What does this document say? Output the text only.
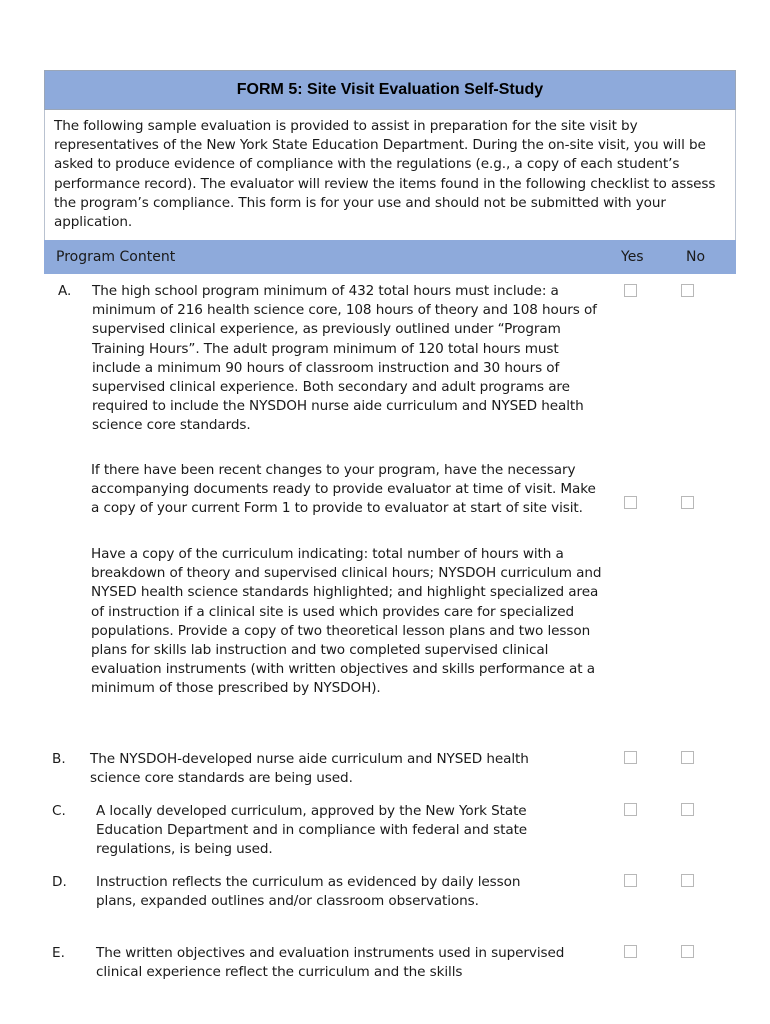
FORM 5: Site Visit Evaluation Self-Study
The following sample evaluation is provided to assist in preparation for the site visit by representatives of the New York State Education Department. During the on-site visit, you will be asked to produce evidence of compliance with the regulations (e.g., a copy of each student’s performance record). The evaluator will review the items found in the following checklist to assess the program’s compliance. This form is for your use and should not be submitted with your application.
Program Content	Yes	No
A. The high school program minimum of 432 total hours must include: a minimum of 216 health science core, 108 hours of theory and 108 hours of supervised clinical experience, as previously outlined under “Program Training Hours”. The adult program minimum of 120 total hours must include a minimum 90 hours of classroom instruction and 30 hours of supervised clinical experience. Both secondary and adult programs are required to include the NYSDOH nurse aide curriculum and NYSED health science core standards.
If there have been recent changes to your program, have the necessary accompanying documents ready to provide evaluator at time of visit. Make a copy of your current Form 1 to provide to evaluator at start of site visit.
Have a copy of the curriculum indicating: total number of hours with a breakdown of theory and supervised clinical hours; NYSDOH curriculum and NYSED health science standards highlighted; and highlight specialized area of instruction if a clinical site is used which provides care for specialized populations. Provide a copy of two theoretical lesson plans and two lesson plans for skills lab instruction and two completed supervised clinical evaluation instruments (with written objectives and skills performance at a minimum of those prescribed by NYSDOH).
B. The NYSDOH-developed nurse aide curriculum and NYSED health science core standards are being used.
C. A locally developed curriculum, approved by the New York State Education Department and in compliance with federal and state regulations, is being used.
D. Instruction reflects the curriculum as evidenced by daily lesson plans, expanded outlines and/or classroom observations.
E. The written objectives and evaluation instruments used in supervised clinical experience reflect the curriculum and the skills
